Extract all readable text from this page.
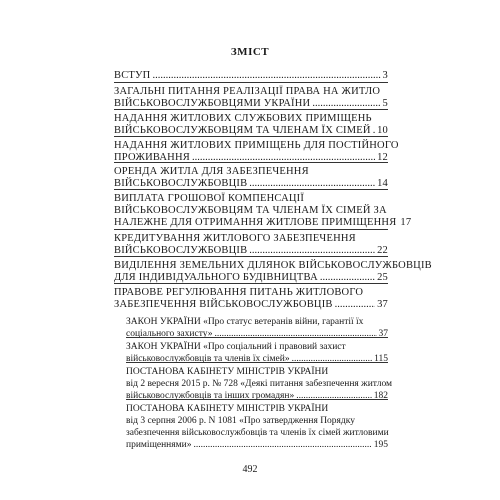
ЗМІСТ
ВСТУП .....	3
ЗАГАЛЬНІ ПИТАННЯ РЕАЛІЗАЦІЇ ПРАВА НА ЖИТЛО
ВІЙСЬКОВОСЛУЖБОВЦЯМИ УКРАЇНИ .....	5
НАДАННЯ ЖИТЛОВИХ СЛУЖБОВИХ ПРИМІЩЕНЬ
ВІЙСЬКОВОСЛУЖБОВЦЯМ ТА ЧЛЕНАМ ЇХ СІМЕЙ ..... 10
НАДАННЯ ЖИТЛОВИХ ПРИМІЩЕНЬ ДЛЯ ПОСТІЙНОГО
ПРОЖИВАННЯ .....	12
ОРЕНДА ЖИТЛА ДЛЯ ЗАБЕЗПЕЧЕННЯ
ВІЙСЬКОВОСЛУЖБОВЦІВ .....	14
ВИПЛАТА ГРОШОВОЇ КОМПЕНСАЦІЇ
ВІЙСЬКОВОСЛУЖБОВЦЯМ ТА ЧЛЕНАМ ЇХ СІМЕЙ ЗА
НАЛЕЖНЕ ДЛЯ ОТРИМАННЯ ЖИТЛОВЕ ПРИМІЩЕННЯ 17
КРЕДИТУВАННЯ ЖИТЛОВОГО ЗАБЕЗПЕЧЕННЯ
ВІЙСЬКОВОСЛУЖБОВЦІВ .....	22
ВИДІЛЕННЯ ЗЕМЕЛЬНИХ ДІЛЯНОК ВІЙСЬКОВОСЛУЖБОВЦІВ
ДЛЯ ІНДИВІДУАЛЬНОГО БУДІВНИЦТВА .....	25
ПРАВОВЕ РЕГУЛЮВАННЯ ПИТАНЬ ЖИТЛОВОГО
ЗАБЕЗПЕЧЕННЯ ВІЙСЬКОВОСЛУЖБОВЦІВ .....	37
ЗАКОН УКРАЇНИ «Про статус ветеранів війни, гарантії їх
соціального захисту» .....	37
ЗАКОН УКРАЇНИ «Про соціальний і правовий захист
військовослужбовців та членів їх сімей» .....	115
ПОСТАНОВА КАБІНЕТУ МІНІСТРІВ УКРАЇНИ
від 2 вересня 2015 р. № 728 «Деякі питання забезпечення житлом
військовослужбовців та інших громадян» .....	182
ПОСТАНОВА КАБІНЕТУ МІНІСТРІВ УКРАЇНИ
від 3 серпня 2006 р. N 1081 «Про затвердження Порядку
забезпечення військовослужбовців та членів їх сімей житловими
приміщеннями» .....	195
492
